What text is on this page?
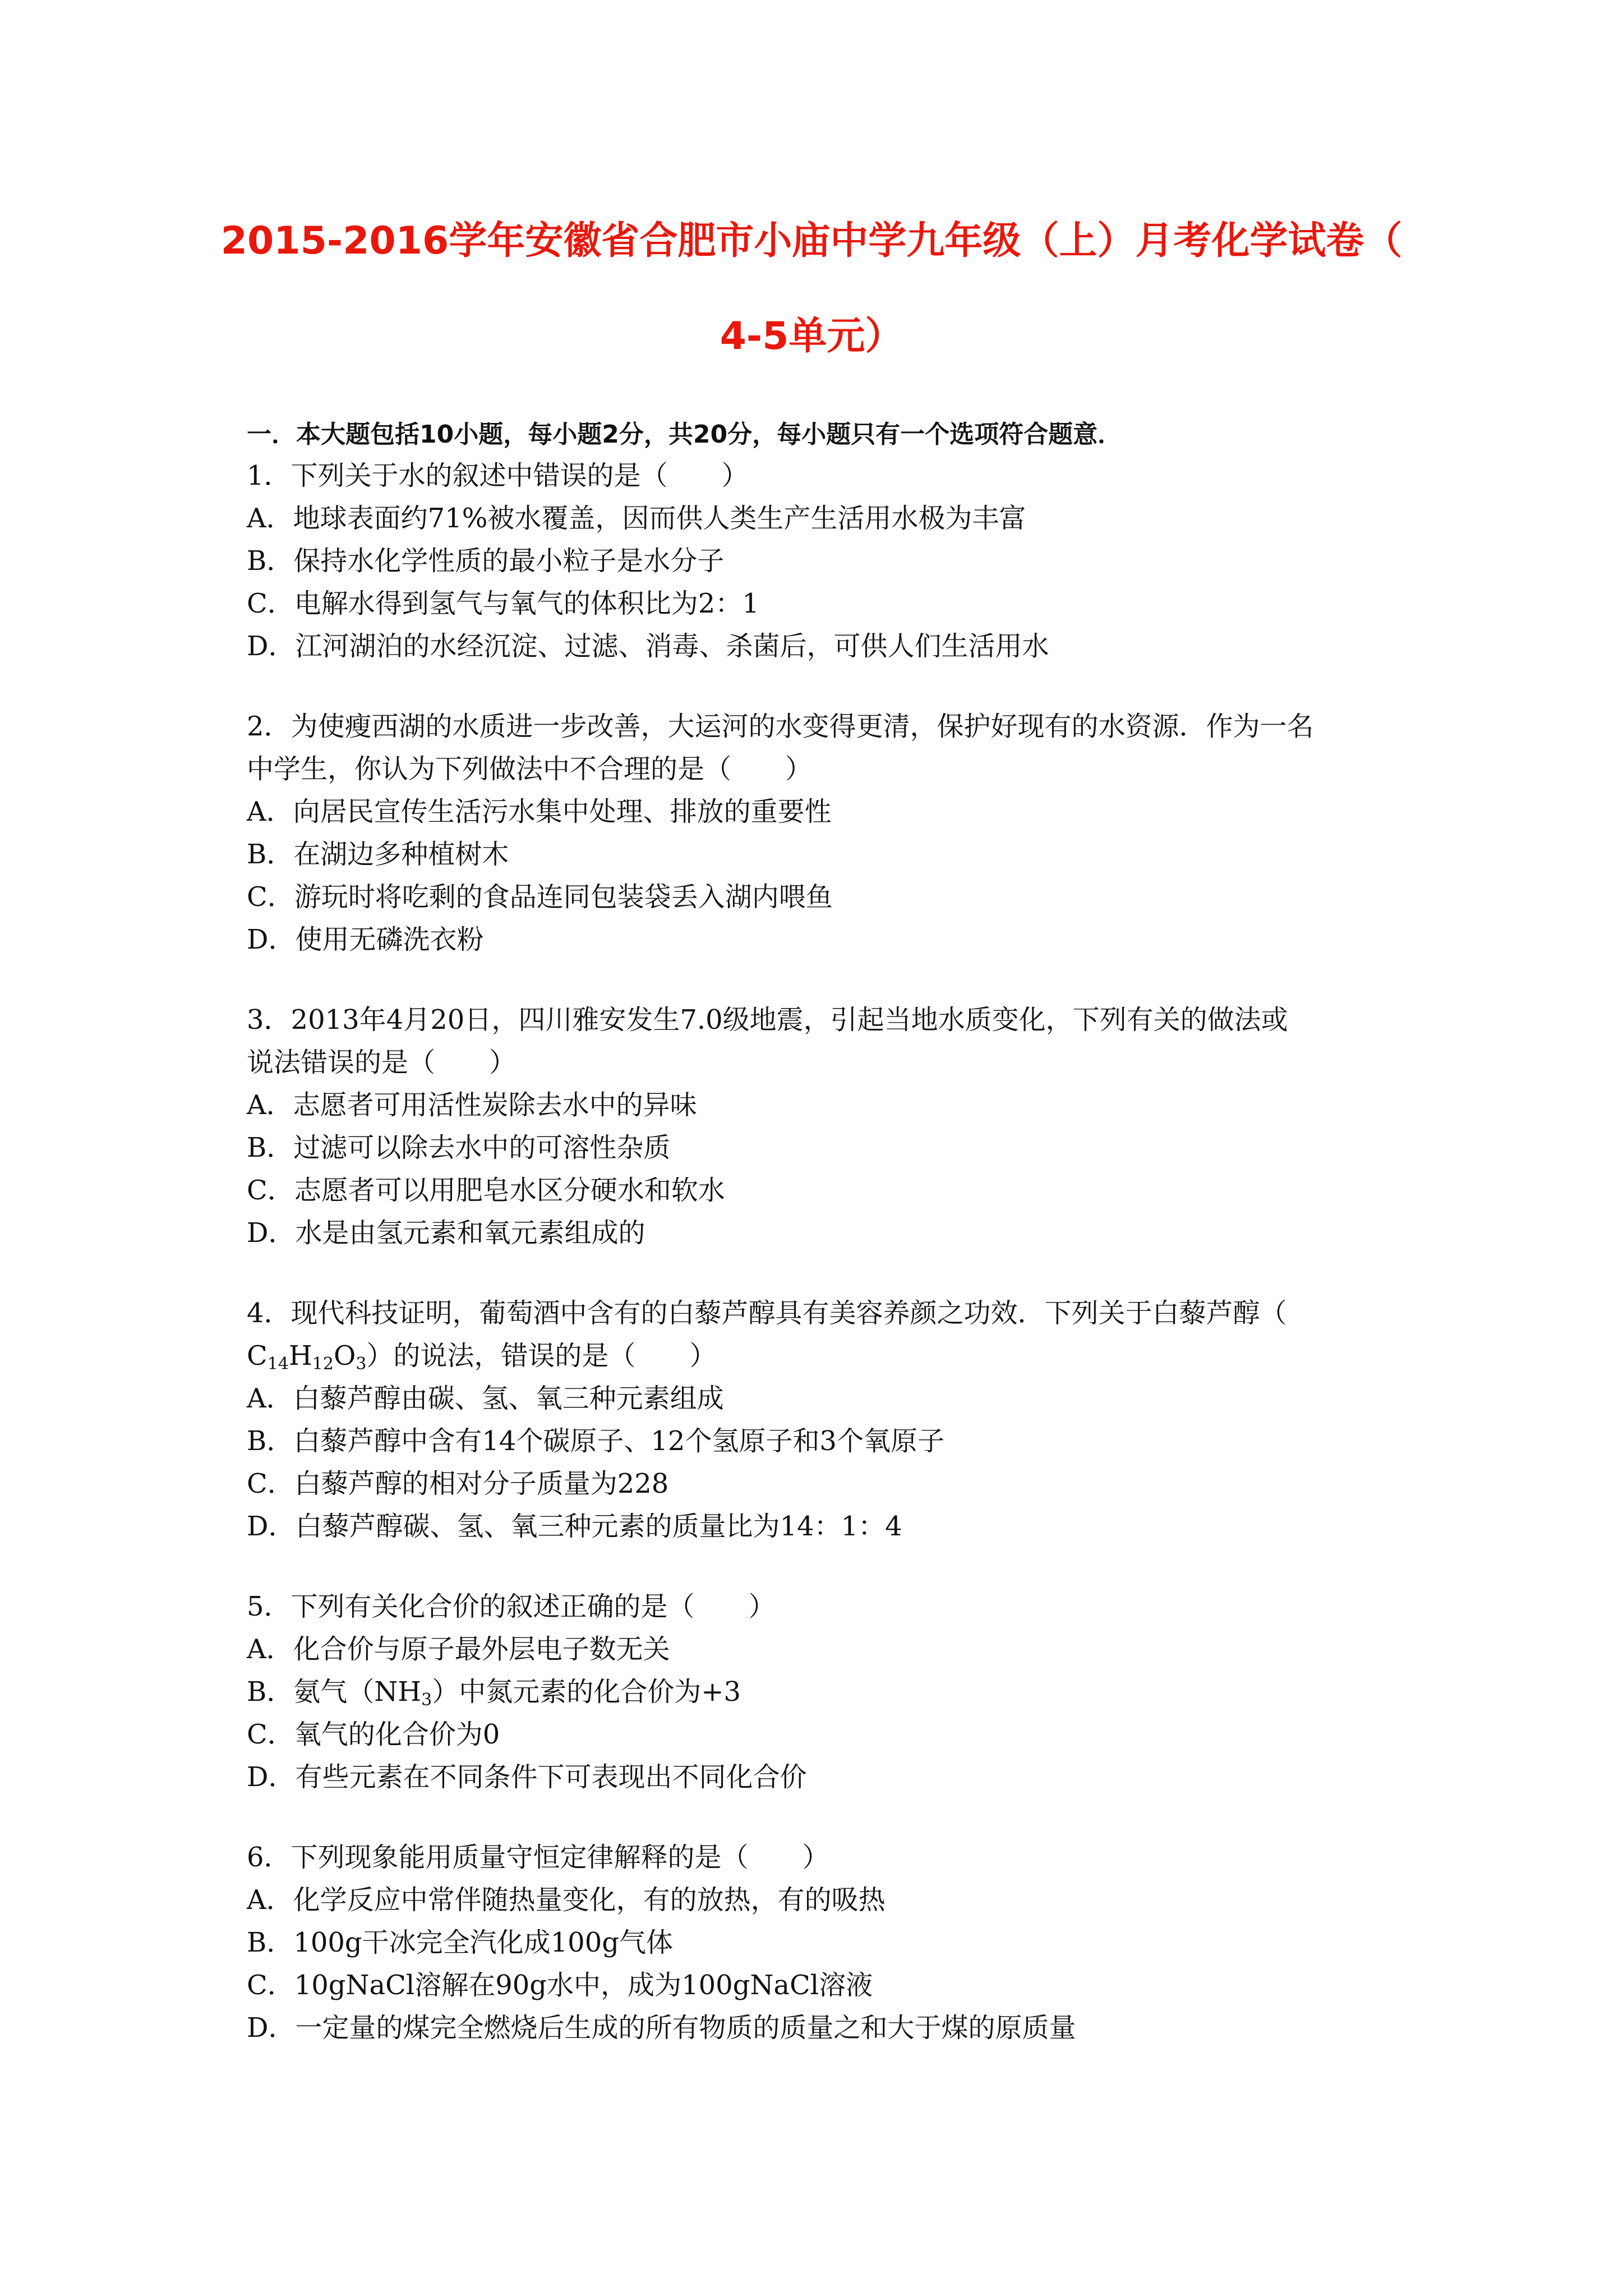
2015-2016学年安徽省合肥市小庙中学九年级（上）月考化学试卷（
4-5单元）
一．本大题包括10小题，每小题2分，共20分，每小题只有一个选项符合题意．
1．下列关于水的叙述中错误的是（　　）
A．地球表面约71%被水覆盖，因而供人类生产生活用水极为丰富
B．保持水化学性质的最小粒子是水分子
C．电解水得到氢气与氧气的体积比为2：1
D．江河湖泊的水经沉淀、过滤、消毒、杀菌后，可供人们生活用水
2．为使瘦西湖的水质进一步改善，大运河的水变得更清，保护好现有的水资源．作为一名
中学生，你认为下列做法中不合理的是（　　）
A．向居民宣传生活污水集中处理、排放的重要性
B．在湖边多种植树木
C．游玩时将吃剩的食品连同包装袋丢入湖内喂鱼
D．使用无磷洗衣粉
3．2013年4月20日，四川雅安发生7.0级地震，引起当地水质变化，下列有关的做法或
说法错误的是（　　）
A．志愿者可用活性炭除去水中的异味
B．过滤可以除去水中的可溶性杂质
C．志愿者可以用肥皂水区分硬水和软水
D．水是由氢元素和氧元素组成的
4．现代科技证明，葡萄酒中含有的白藜芦醇具有美容养颜之功效．下列关于白藜芦醇（
$C_{14}H_{12}O_3$）的说法，错误的是（　　）
A．白藜芦醇由碳、氢、氧三种元素组成
B．白藜芦醇中含有14个碳原子、12个氢原子和3个氧原子
C．白藜芦醇的相对分子质量为228
D．白藜芦醇碳、氢、氧三种元素的质量比为14：1：4
5．下列有关化合价的叙述正确的是（　　）
A．化合价与原子最外层电子数无关
B．氨气$(NH_3)$中氮元素的化合价为+3
C．氧气的化合价为0
D．有些元素在不同条件下可表现出不同化合价
6．下列现象能用质量守恒定律解释的是（　　）
A．化学反应中常伴随热量变化，有的放热，有的吸热
B．100g干冰完全汽化成100g气体
C．10gNaCl溶解在90g水中，成为100gNaCl溶液
D．一定量的煤完全燃烧后生成的所有物质的质量之和大于煤的原质量
